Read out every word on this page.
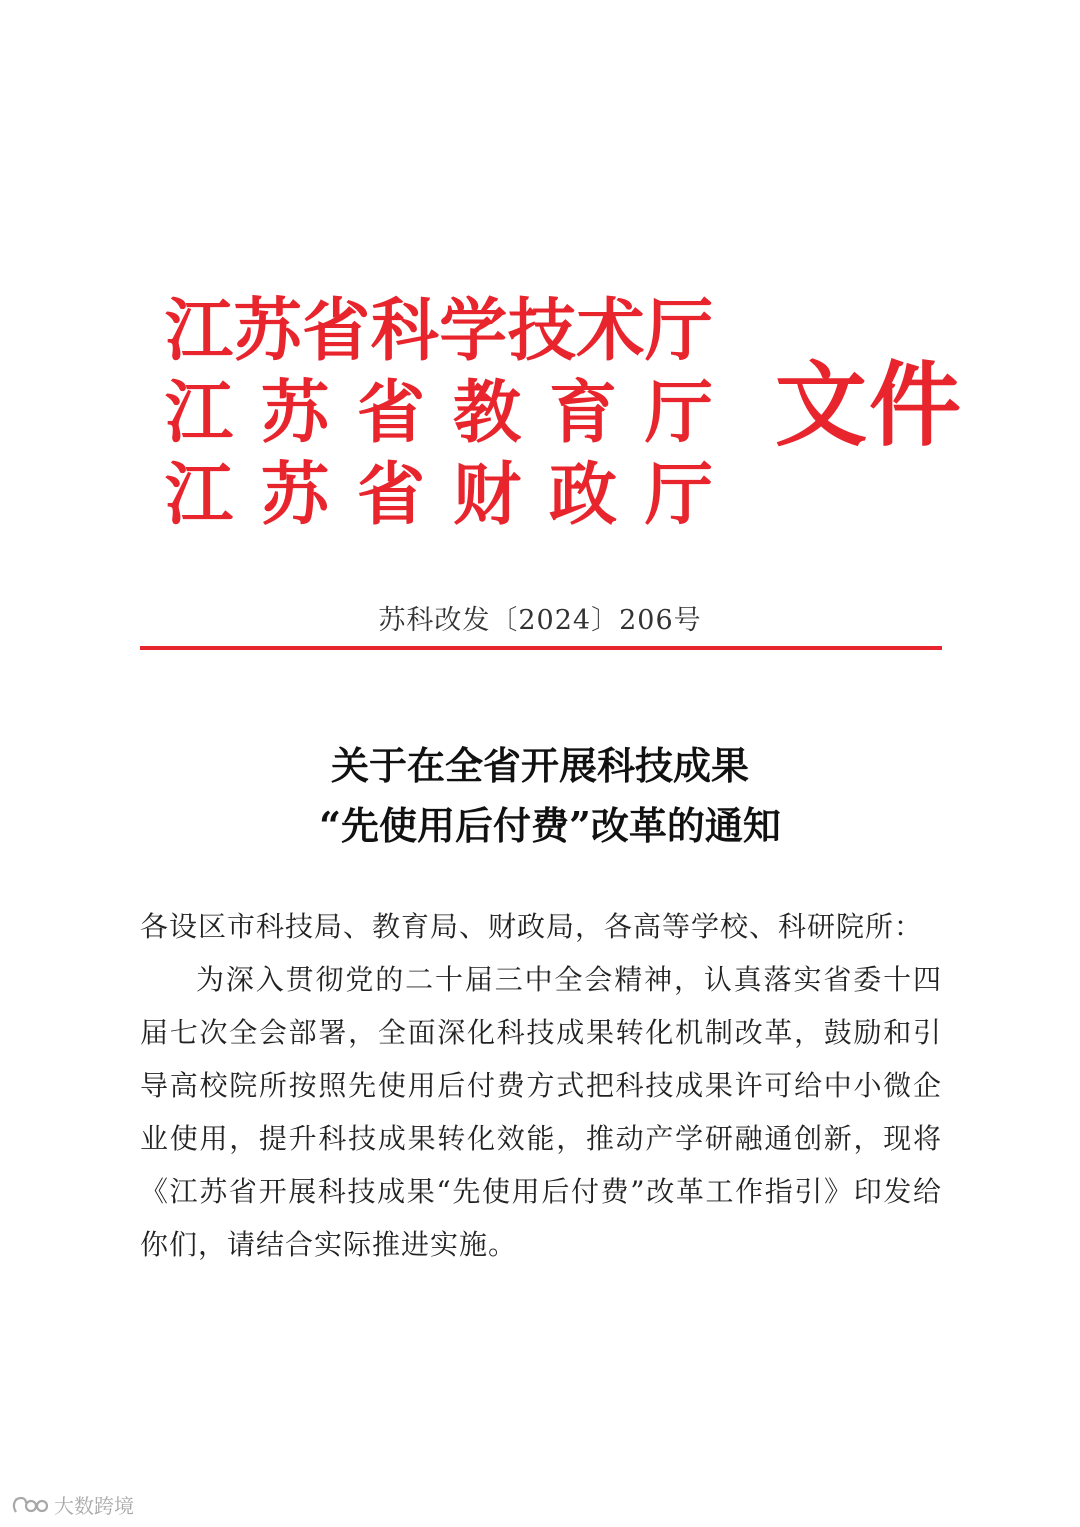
江 苏 省 科 学 技 术 厅
江 苏 省 教 育 厅
江 苏 省 财 政 厅
文件
苏科改发〔2024〕206号
关于在全省开展科技成果
“先使用后付费”改革的通知

各设区市科技局、教育局、财政局，各高等学校、科研院所：

为深入贯彻党的二十届三中全会精神，认真落实省委十四届七次全会部署，全面深化科技成果转化机制改革，鼓励和引导高校院所按照先使用后付费方式把科技成果许可给中小微企业使用，提升科技成果转化效能，推动产学研融通创新，现将《江苏省开展科技成果“先使用后付费”改革工作指引》印发给你们，请结合实际推进实施。

大数跨境
